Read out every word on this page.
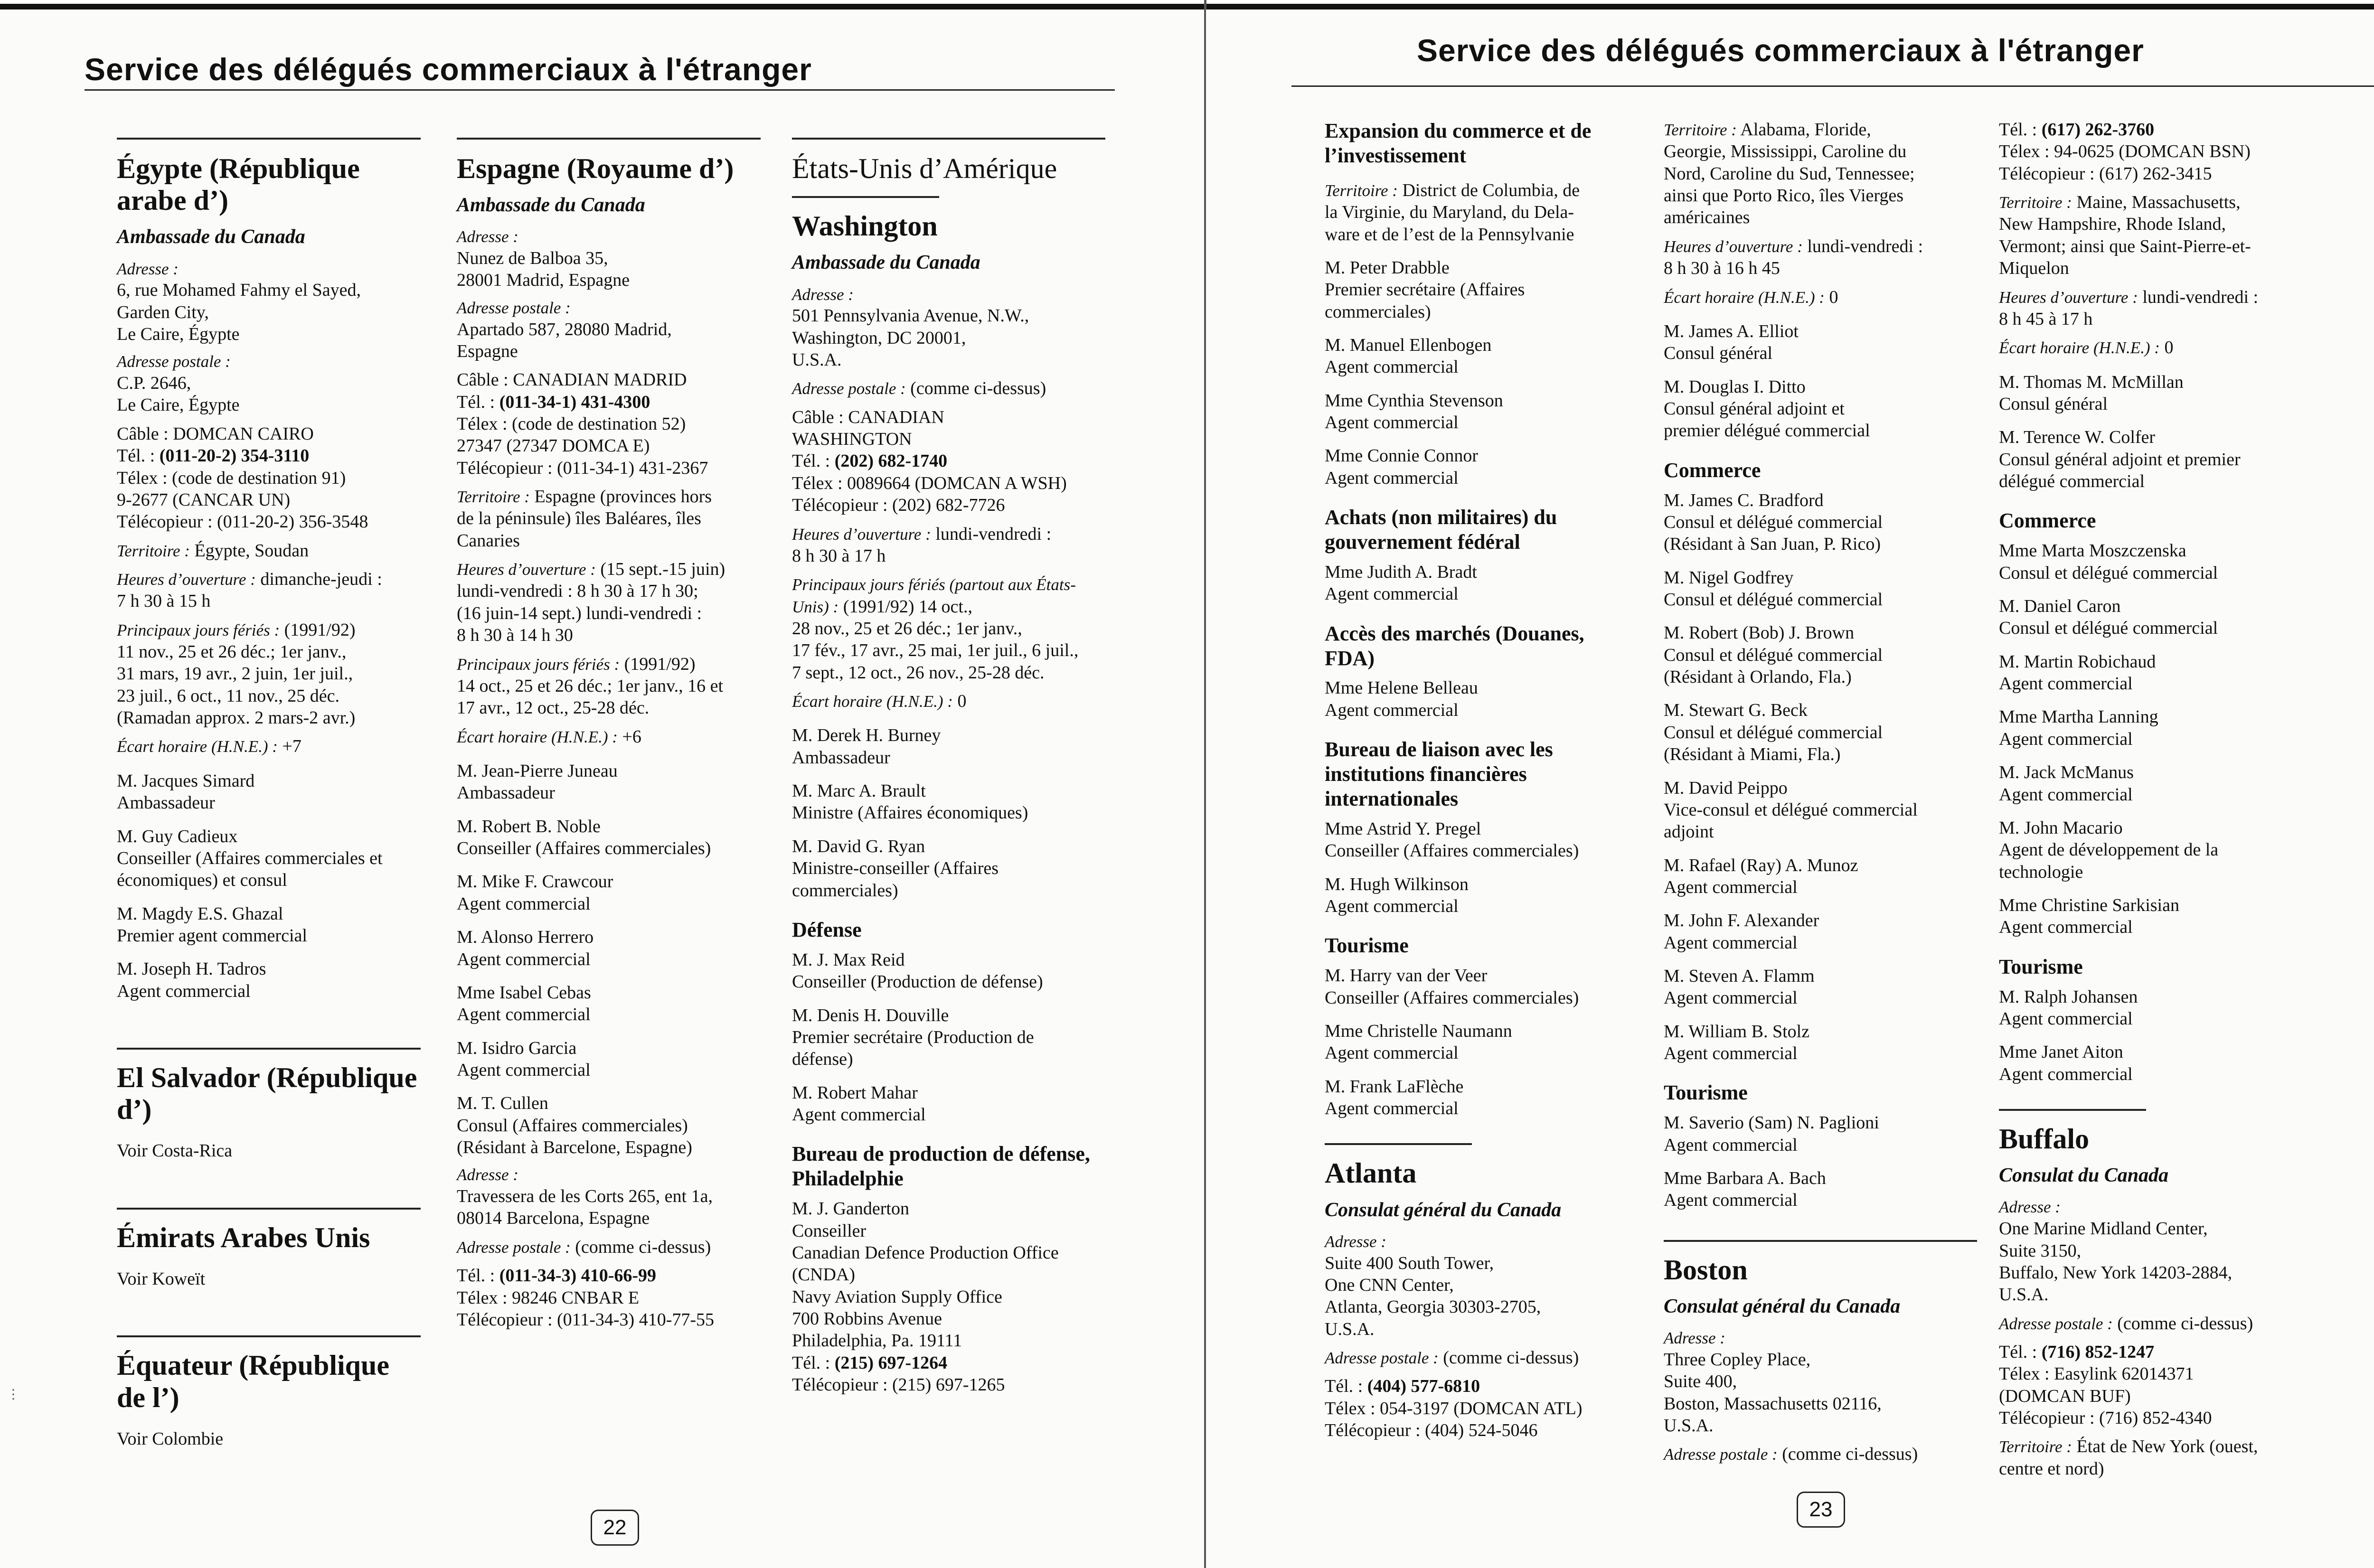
Service des délégués commerciaux à l'étranger
Égypte (République arabe d’)
Ambassade du Canada
Adresse :
6, rue Mohamed Fahmy el Sayed,
Garden City,
Le Caire, Égypte
Adresse postale :
C.P. 2646,
Le Caire, Égypte
Câble : DOMCAN CAIRO
Tél. : (011-20-2) 354-3110
Télex : (code de destination 91)
9-2677 (CANCAR UN)
Télécopieur : (011-20-2) 356-3548
Territoire : Égypte, Soudan
Heures d’ouverture : dimanche-jeudi :
7 h 30 à 15 h
Principaux jours fériés : (1991/92)
11 nov., 25 et 26 déc.; 1er janv.,
31 mars, 19 avr., 2 juin, 1er juil.,
23 juil., 6 oct., 11 nov., 25 déc.
(Ramadan approx. 2 mars-2 avr.)
Écart horaire (H.N.E.) : +7
M. Jacques Simard
Ambassadeur
M. Guy Cadieux
Conseiller (Affaires commerciales et
économiques) et consul
M. Magdy E.S. Ghazal
Premier agent commercial
M. Joseph H. Tadros
Agent commercial
El Salvador (République d’)
Voir Costa-Rica
Émirats Arabes Unis
Voir Koweït
Équateur (République de l’)
Voir Colombie
Espagne (Royaume d’)
Ambassade du Canada
Adresse :
Nunez de Balboa 35,
28001 Madrid, Espagne
Adresse postale :
Apartado 587, 28080 Madrid,
Espagne
Câble : CANADIAN MADRID
Tél. : (011-34-1) 431-4300
Télex : (code de destination 52)
27347 (27347 DOMCA E)
Télécopieur : (011-34-1) 431-2367
Territoire : Espagne (provinces hors
de la péninsule) îles Baléares, îles
Canaries
Heures d’ouverture : (15 sept.-15 juin)
lundi-vendredi : 8 h 30 à 17 h 30;
(16 juin-14 sept.) lundi-vendredi :
8 h 30 à 14 h 30
Principaux jours fériés : (1991/92)
14 oct., 25 et 26 déc.; 1er janv., 16 et
17 avr., 12 oct., 25-28 déc.
Écart horaire (H.N.E.) : +6
M. Jean-Pierre Juneau
Ambassadeur
M. Robert B. Noble
Conseiller (Affaires commerciales)
M. Mike F. Crawcour
Agent commercial
M. Alonso Herrero
Agent commercial
Mme Isabel Cebas
Agent commercial
M. Isidro Garcia
Agent commercial
M. T. Cullen
Consul (Affaires commerciales)
(Résidant à Barcelone, Espagne)
Adresse :
Travessera de les Corts 265, ent 1a,
08014 Barcelona, Espagne
Adresse postale : (comme ci-dessus)
Tél. : (011-34-3) 410-66-99
Télex : 98246 CNBAR E
Télécopieur : (011-34-3) 410-77-55
États-Unis d’Amérique
Washington
Ambassade du Canada
Adresse :
501 Pennsylvania Avenue, N.W.,
Washington, DC 20001,
U.S.A.
Adresse postale : (comme ci-dessus)
Câble : CANADIAN
WASHINGTON
Tél. : (202) 682-1740
Télex : 0089664 (DOMCAN A WSH)
Télécopieur : (202) 682-7726
Heures d’ouverture : lundi-vendredi :
8 h 30 à 17 h
Principaux jours fériés (partout aux États-Unis) : (1991/92) 14 oct.,
28 nov., 25 et 26 déc.; 1er janv.,
17 fév., 17 avr., 25 mai, 1er juil., 6 juil.,
7 sept., 12 oct., 26 nov., 25-28 déc.
Écart horaire (H.N.E.) : 0
M. Derek H. Burney
Ambassadeur
M. Marc A. Brault
Ministre (Affaires économiques)
M. David G. Ryan
Ministre-conseiller (Affaires
commerciales)
Défense
M. J. Max Reid
Conseiller (Production de défense)
M. Denis H. Douville
Premier secrétaire (Production de
défense)
M. Robert Mahar
Agent commercial
Bureau de production de défense, Philadelphie
M. J. Ganderton
Conseiller
Canadian Defence Production Office
(CNDA)
Navy Aviation Supply Office
700 Robbins Avenue
Philadelphia, Pa. 19111
Tél. : (215) 697-1264
Télécopieur : (215) 697-1265
22
⋮
Service des délégués commerciaux à l'étranger
Expansion du commerce et de l’investissement
Territoire : District de Columbia, de
la Virginie, du Maryland, du Dela-
ware et de l’est de la Pennsylvanie
M. Peter Drabble
Premier secrétaire (Affaires
commerciales)
M. Manuel Ellenbogen
Agent commercial
Mme Cynthia Stevenson
Agent commercial
Mme Connie Connor
Agent commercial
Achats (non militaires) du gouvernement fédéral
Mme Judith A. Bradt
Agent commercial
Accès des marchés (Douanes, FDA)
Mme Helene Belleau
Agent commercial
Bureau de liaison avec les institutions financières internationales
Mme Astrid Y. Pregel
Conseiller (Affaires commerciales)
M. Hugh Wilkinson
Agent commercial
Tourisme
M. Harry van der Veer
Conseiller (Affaires commerciales)
Mme Christelle Naumann
Agent commercial
M. Frank LaFlèche
Agent commercial
Atlanta
Consulat général du Canada
Adresse :
Suite 400 South Tower,
One CNN Center,
Atlanta, Georgia 30303-2705,
U.S.A.
Adresse postale : (comme ci-dessus)
Tél. : (404) 577-6810
Télex : 054-3197 (DOMCAN ATL)
Télécopieur : (404) 524-5046
Territoire : Alabama, Floride,
Georgie, Mississippi, Caroline du
Nord, Caroline du Sud, Tennessee;
ainsi que Porto Rico, îles Vierges
américaines
Heures d’ouverture : lundi-vendredi :
8 h 30 à 16 h 45
Écart horaire (H.N.E.) : 0
M. James A. Elliot
Consul général
M. Douglas I. Ditto
Consul général adjoint et
premier délégué commercial
Commerce
M. James C. Bradford
Consul et délégué commercial
(Résidant à San Juan, P. Rico)
M. Nigel Godfrey
Consul et délégué commercial
M. Robert (Bob) J. Brown
Consul et délégué commercial
(Résidant à Orlando, Fla.)
M. Stewart G. Beck
Consul et délégué commercial
(Résidant à Miami, Fla.)
M. David Peippo
Vice-consul et délégué commercial
adjoint
M. Rafael (Ray) A. Munoz
Agent commercial
M. John F. Alexander
Agent commercial
M. Steven A. Flamm
Agent commercial
M. William B. Stolz
Agent commercial
Tourisme
M. Saverio (Sam) N. Paglioni
Agent commercial
Mme Barbara A. Bach
Agent commercial
Boston
Consulat général du Canada
Adresse :
Three Copley Place,
Suite 400,
Boston, Massachusetts 02116,
U.S.A.
Adresse postale : (comme ci-dessus)
Tél. : (617) 262-3760
Télex : 94-0625 (DOMCAN BSN)
Télécopieur : (617) 262-3415
Territoire : Maine, Massachusetts,
New Hampshire, Rhode Island,
Vermont; ainsi que Saint-Pierre-et-
Miquelon
Heures d’ouverture : lundi-vendredi :
8 h 45 à 17 h
Écart horaire (H.N.E.) : 0
M. Thomas M. McMillan
Consul général
M. Terence W. Colfer
Consul général adjoint et premier
délégué commercial
Commerce
Mme Marta Moszczenska
Consul et délégué commercial
M. Daniel Caron
Consul et délégué commercial
M. Martin Robichaud
Agent commercial
Mme Martha Lanning
Agent commercial
M. Jack McManus
Agent commercial
M. John Macario
Agent de développement de la
technologie
Mme Christine Sarkisian
Agent commercial
Tourisme
M. Ralph Johansen
Agent commercial
Mme Janet Aiton
Agent commercial
Buffalo
Consulat du Canada
Adresse :
One Marine Midland Center,
Suite 3150,
Buffalo, New York 14203-2884,
U.S.A.
Adresse postale : (comme ci-dessus)
Tél. : (716) 852-1247
Télex : Easylink 62014371
(DOMCAN BUF)
Télécopieur : (716) 852-4340
Territoire : État de New York (ouest,
centre et nord)
23
